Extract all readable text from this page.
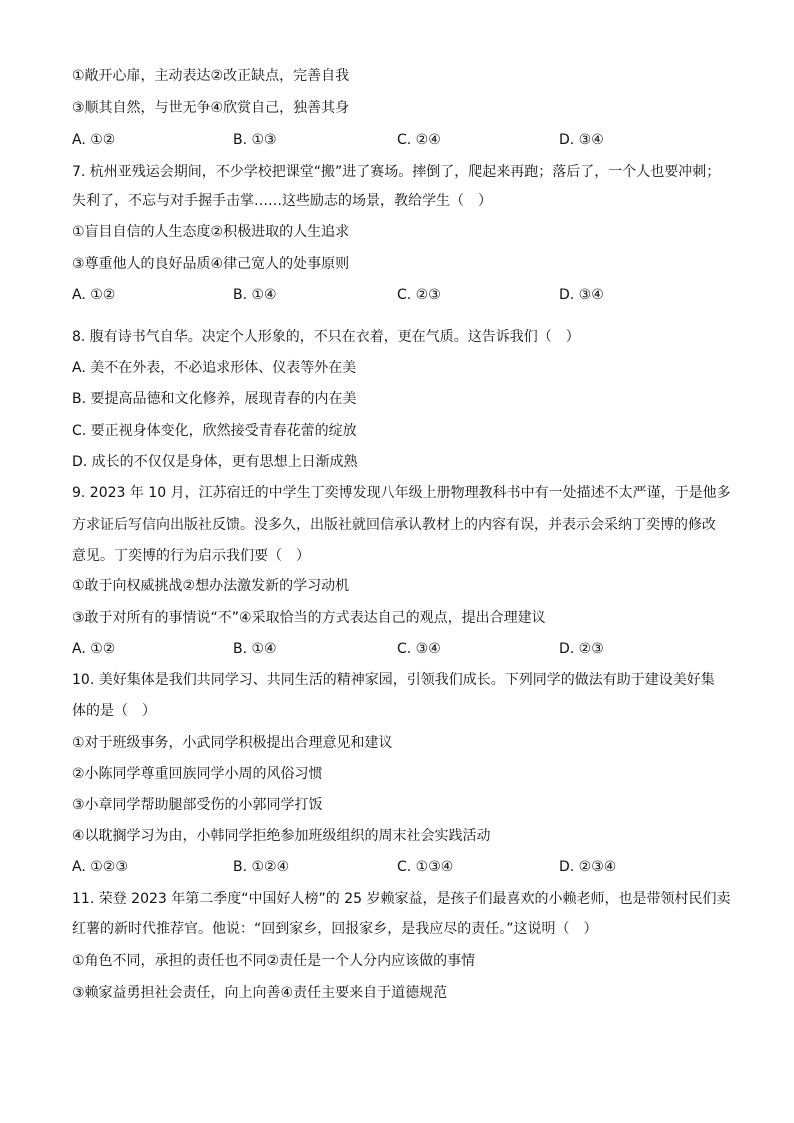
①敞开心扉，主动表达②改正缺点，完善自我
③顺其自然，与世无争④欣赏自己，独善其身
A. ①②	B. ①③	C. ②④	D. ③④
7. 杭州亚残运会期间，不少学校把课堂“搬”进了赛场。摔倒了，爬起来再跑；落后了，一个人也要冲刺；
失利了，不忘与对手握手击掌……这些励志的场景，教给学生（　）
①盲目自信的人生态度②积极进取的人生追求
③尊重他人的良好品质④律己宽人的处事原则
A. ①②	B. ①④	C. ②③	D. ③④
8. 腹有诗书气自华。决定个人形象的，不只在衣着，更在气质。这告诉我们（　）
A. 美不在外表，不必追求形体、仪表等外在美
B. 要提高品德和文化修养，展现青春的内在美
C. 要正视身体变化，欣然接受青春花蕾的绽放
D. 成长的不仅仅是身体，更有思想上日渐成熟
9. 2023 年 10 月，江苏宿迁的中学生丁奕博发现八年级上册物理教科书中有一处描述不太严谨，于是他多
方求证后写信向出版社反馈。没多久，出版社就回信承认教材上的内容有误，并表示会采纳丁奕博的修改
意见。丁奕博的行为启示我们要（　）
①敢于向权威挑战②想办法激发新的学习动机
③敢于对所有的事情说“不”④采取恰当的方式表达自己的观点，提出合理建议
A. ①②	B. ①④	C. ③④	D. ②③
10. 美好集体是我们共同学习、共同生活的精神家园，引领我们成长。下列同学的做法有助于建设美好集
体的是（　）
①对于班级事务，小武同学积极提出合理意见和建议
②小陈同学尊重回族同学小周的风俗习惯
③小章同学帮助腿部受伤的小郭同学打饭
④以耽搁学习为由，小韩同学拒绝参加班级组织的周末社会实践活动
A. ①②③	B. ①②④	C. ①③④	D. ②③④
11. 荣登 2023 年第二季度“中国好人榜”的 25 岁赖家益，是孩子们最喜欢的小赖老师，也是带领村民们卖
红薯的新时代推荐官。他说：“回到家乡，回报家乡，是我应尽的责任。”这说明（　）
①角色不同，承担的责任也不同②责任是一个人分内应该做的事情
③赖家益勇担社会责任，向上向善④责任主要来自于道德规范
